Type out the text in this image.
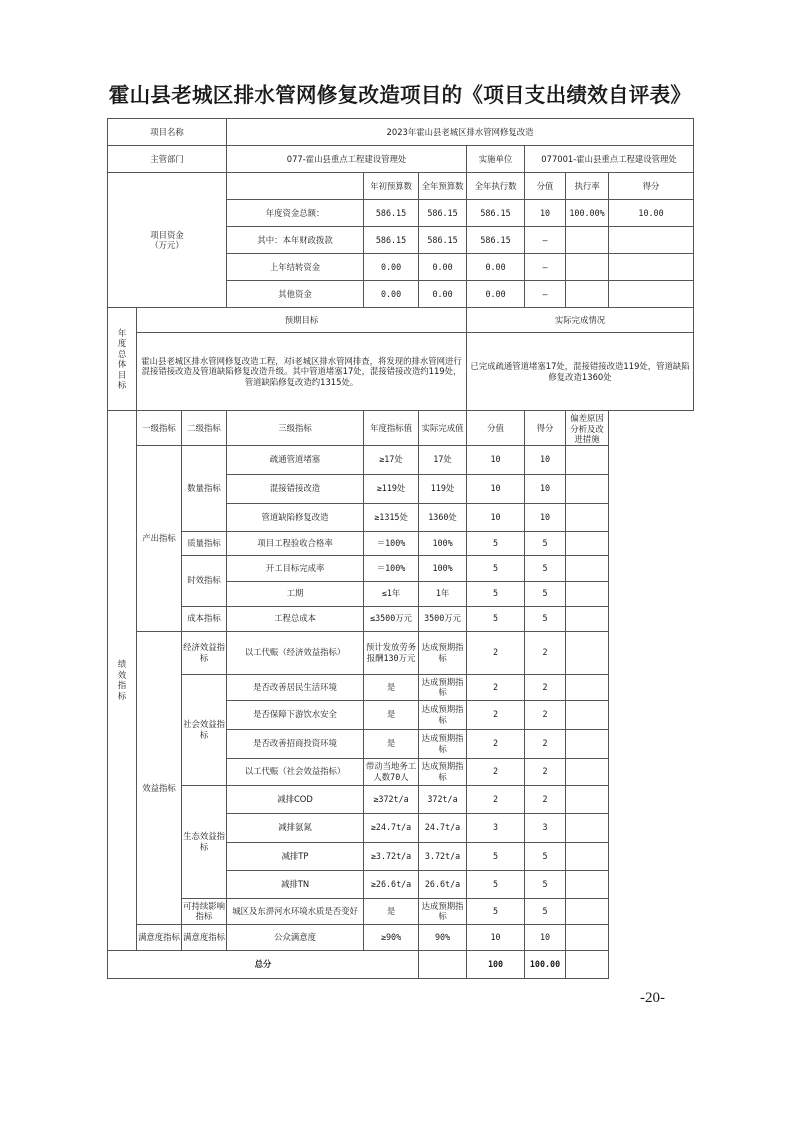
霍山县老城区排水管网修复改造项目的《项目支出绩效自评表》
项目名称			2023年霍山县老城区排水管网修复改造						
主管部门			077-霍山县重点工程建设管理处			实施单位	077001-霍山县重点工程建设管理处		
项目资金
（万元）				年初预算数	全年预算数	全年执行数	分值	执行率	得分
			年度资金总额：	586.15	586.15	586.15	10	100.00%	10.00
			其中：本年财政拨款	586.15	586.15	586.15	—		
			上年结转资金	0.00	0.00	0.00	—		
			其他资金	0.00	0.00	0.00	—		
年度总体目标	预期目标					实际完成情况			
	霍山县老城区排水管网修复改造工程，对i老城区排水管网排查，将发现的排水管网进行混接错接改造及管道缺陷修复改造升级。其中管道堵塞17处，混接错接改造约119处，管道缺陷修复改造约1315处。					已完成疏通管道堵塞17处，混接错接改造119处，管道缺陷修复改造1360处			
绩效指标	一级指标	二级指标	三级指标	年度指标值	实际完成值	分值	得分	偏差原因分析及改进措施	
	产出指标	数量指标	疏通管道堵塞	≥17处	17处	10	10		
			混接错接改造	≥119处	119处	10	10		
			管道缺陷修复改造	≥1315处	1360处	10	10		
		质量指标	项目工程验收合格率	＝100%	100%	5	5		
		时效指标	开工目标完成率	＝100%	100%	5	5		
			工期	≤1年	1年	5	5		
		成本指标	工程总成本	≤3500万元	3500万元	5	5		
	效益指标	经济效益指标	以工代赈（经济效益指标）	预计发放劳务报酬130万元	达成预期指标	2	2		
		社会效益指标	是否改善居民生活环境	是	达成预期指标	2	2		
			是否保障下游饮水安全	是	达成预期指标	2	2		
			是否改善招商投资环境	是	达成预期指标	2	2		
			以工代赈（社会效益指标）	带动当地务工人数70人	达成预期指标	2	2		
		生态效益指标	减排COD	≥372t/a	372t/a	2	2		
			减排氨氮	≥24.7t/a	24.7t/a	3	3		
			减排TP	≥3.72t/a	3.72t/a	5	5		
			减排TN	≥26.6t/a	26.6t/a	5	5		
		可持续影响指标	城区及东淠河水环境水质是否变好	是	达成预期指标	5	5		
	满意度指标	满意度指标	公众满意度	≥90%	90%	10	10		
总分						100	100.00		
-20-
